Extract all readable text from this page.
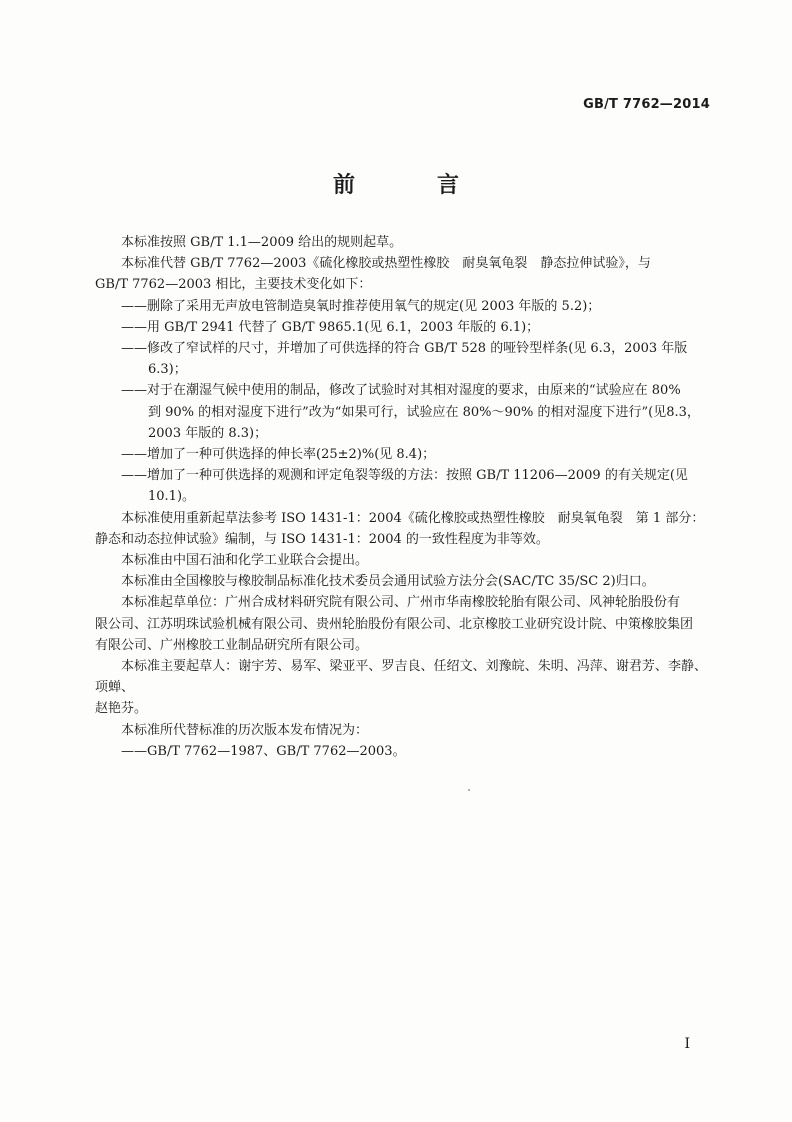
GB/T 7762—2014
前　言

本标准按照 GB/T 1.1—2009 给出的规则起草。

本标准代替 GB/T 7762—2003《硫化橡胶或热塑性橡胶　耐臭氧龟裂　静态拉伸试验》，与

GB/T 7762—2003 相比，主要技术变化如下：

——删除了采用无声放电管制造臭氧时推荐使用氧气的规定(见 2003 年版的 5.2)；

——用 GB/T 2941 代替了 GB/T 9865.1(见 6.1，2003 年版的 6.1)；

——修改了窄试样的尺寸，并增加了可供选择的符合 GB/T 528 的哑铃型样条(见 6.3，2003 年版

6.3)；

——对于在潮湿气候中使用的制品，修改了试验时对其相对湿度的要求，由原来的“试验应在 80%

到 90% 的相对湿度下进行”改为“如果可行，试验应在 80%～90% 的相对湿度下进行”(见8.3，

2003 年版的 8.3)；

——增加了一种可供选择的伸长率(25±2)%(见 8.4)；

——增加了一种可供选择的观测和评定龟裂等级的方法：按照 GB/T 11206—2009 的有关规定(见

10.1)。

本标准使用重新起草法参考 ISO 1431-1：2004《硫化橡胶或热塑性橡胶　耐臭氧龟裂　第 1 部分：

静态和动态拉伸试验》编制，与 ISO 1431-1：2004 的一致性程度为非等效。

本标准由中国石油和化学工业联合会提出。

本标准由全国橡胶与橡胶制品标准化技术委员会通用试验方法分会(SAC/TC 35/SC 2)归口。

本标准起草单位：广州合成材料研究院有限公司、广州市华南橡胶轮胎有限公司、风神轮胎股份有

限公司、江苏明珠试验机械有限公司、贵州轮胎股份有限公司、北京橡胶工业研究设计院、中策橡胶集团

有限公司、广州橡胶工业制品研究所有限公司。

本标准主要起草人：谢宇芳、易军、梁亚平、罗吉良、任绍文、刘豫皖、朱明、冯萍、谢君芳、李静、项蝉、

赵艳芬。

本标准所代替标准的历次版本发布情况为：

——GB/T 7762—1987、GB/T 7762—2003。

I
